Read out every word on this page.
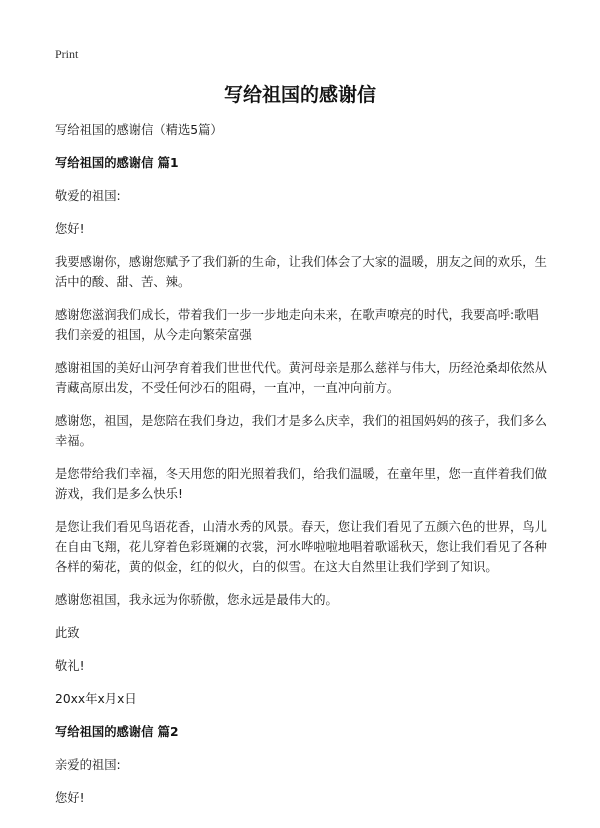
Print
写给祖国的感谢信

写给祖国的感谢信（精选5篇）

写给祖国的感谢信 篇1

敬爱的祖国:

您好!

我要感谢你，感谢您赋予了我们新的生命，让我们体会了大家的温暖，朋友之间的欢乐，生活中的酸、甜、苦、辣。

感谢您滋润我们成长，带着我们一步一步地走向未来，在歌声嘹亮的时代，我要高呼:歌唱我们亲爱的祖国，从今走向繁荣富强

感谢祖国的美好山河孕育着我们世世代代。黄河母亲是那么慈祥与伟大，历经沧桑却依然从青藏高原出发，不受任何沙石的阻碍，一直冲，一直冲向前方。

感谢您，祖国，是您陪在我们身边，我们才是多么庆幸，我们的祖国妈妈的孩子，我们多么幸福。

是您带给我们幸福，冬天用您的阳光照着我们，给我们温暖，在童年里，您一直伴着我们做游戏，我们是多么快乐!

是您让我们看见鸟语花香，山清水秀的风景。春天，您让我们看见了五颜六色的世界，鸟儿在自由飞翔，花儿穿着色彩斑斓的衣裳，河水哗啦啦地唱着歌谣秋天，您让我们看见了各种各样的菊花，黄的似金，红的似火，白的似雪。在这大自然里让我们学到了知识。

感谢您祖国，我永远为你骄傲，您永远是最伟大的。

此致

敬礼!

20xx年x月x日

写给祖国的感谢信 篇2

亲爱的祖国:

您好!
